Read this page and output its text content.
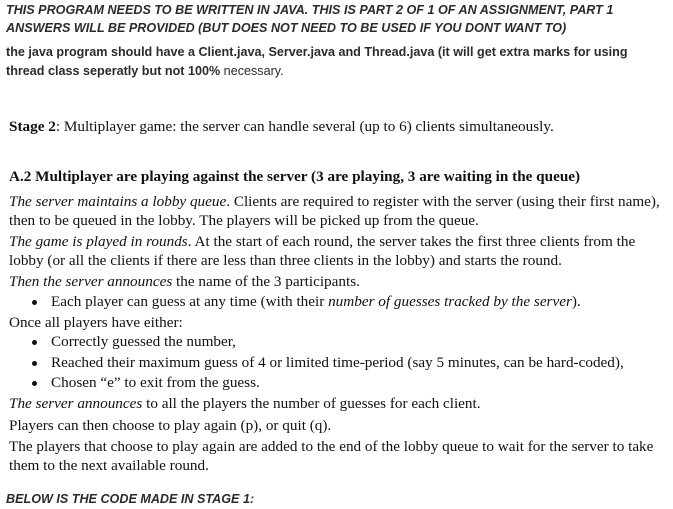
THIS PROGRAM NEEDS TO BE WRITTEN IN JAVA. THIS IS PART 2 OF 1 OF AN ASSIGNMENT, PART 1
ANSWERS WILL BE PROVIDED (BUT DOES NOT NEED TO BE USED IF YOU DONT WANT TO)
the java program should have a Client.java, Server.java and Thread.java (it will get extra marks for using thread class seperatly but not 100% necessary.
Stage 2: Multiplayer game: the server can handle several (up to 6) clients simultaneously.
A.2 Multiplayer are playing against the server (3 are playing, 3 are waiting in the queue)

The server maintains a lobby queue. Clients are required to register with the server (using their first name), then to be queued in the lobby. The players will be picked up from the queue.

The game is played in rounds. At the start of each round, the server takes the first three clients from the lobby (or all the clients if there are less than three clients in the lobby) and starts the round.

Then the server announces the name of the 3 participants.

Each player can guess at any time (with their number of guesses tracked by the server).

Once all players have either:

Correctly guessed the number,
Reached their maximum guess of 4 or limited time-period (say 5 minutes, can be hard-coded),
Chosen “e” to exit from the guess.

The server announces to all the players the number of guesses for each client.

Players can then choose to play again (p), or quit (q).

The players that choose to play again are added to the end of the lobby queue to wait for the server to take them to the next available round.

BELOW IS THE CODE MADE IN STAGE 1:
